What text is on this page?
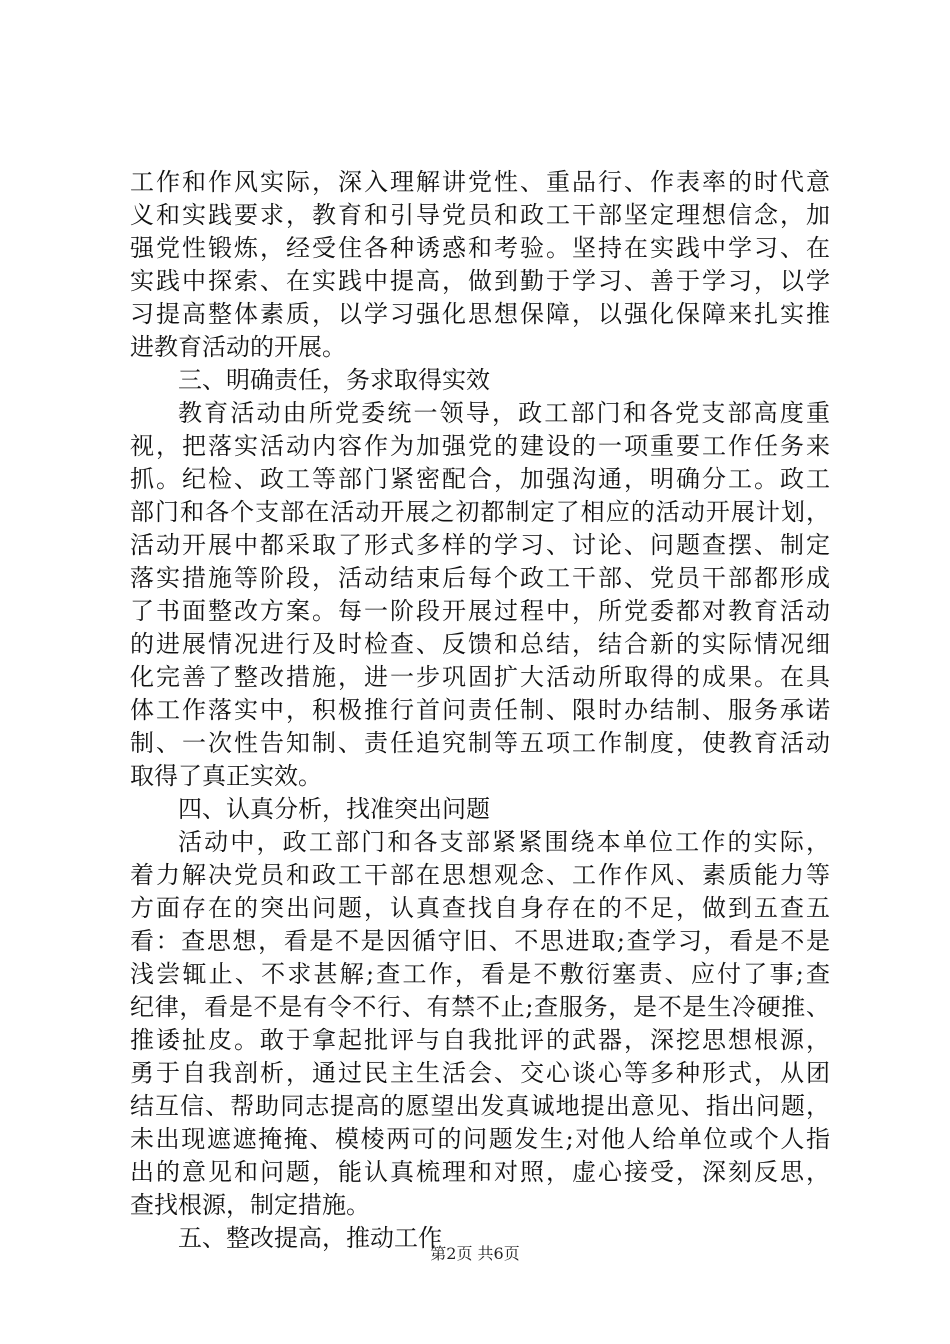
工作和作风实际，深入理解讲党性、重品行、作表率的时代意
义和实践要求，教育和引导党员和政工干部坚定理想信念，加
强党性锻炼，经受住各种诱惑和考验。坚持在实践中学习、在
实践中探索、在实践中提高，做到勤于学习、善于学习，以学
习提高整体素质，以学习强化思想保障，以强化保障来扎实推
进教育活动的开展。
三、明确责任，务求取得实效
教育活动由所党委统一领导，政工部门和各党支部高度重
视，把落实活动内容作为加强党的建设的一项重要工作任务来
抓。纪检、政工等部门紧密配合，加强沟通，明确分工。政工
部门和各个支部在活动开展之初都制定了相应的活动开展计划，
活动开展中都采取了形式多样的学习、讨论、问题查摆、制定
落实措施等阶段，活动结束后每个政工干部、党员干部都形成
了书面整改方案。每一阶段开展过程中，所党委都对教育活动
的进展情况进行及时检查、反馈和总结，结合新的实际情况细
化完善了整改措施，进一步巩固扩大活动所取得的成果。在具
体工作落实中，积极推行首问责任制、限时办结制、服务承诺
制、一次性告知制、责任追究制等五项工作制度，使教育活动
取得了真正实效。
四、认真分析，找准突出问题
活动中，政工部门和各支部紧紧围绕本单位工作的实际，
着力解决党员和政工干部在思想观念、工作作风、素质能力等
方面存在的突出问题，认真查找自身存在的不足，做到五查五
看：查思想，看是不是因循守旧、不思进取;查学习，看是不是
浅尝辄止、不求甚解;查工作，看是不敷衍塞责、应付了事;查
纪律，看是不是有令不行、有禁不止;查服务，是不是生冷硬推、
推诿扯皮。敢于拿起批评与自我批评的武器，深挖思想根源，
勇于自我剖析，通过民主生活会、交心谈心等多种形式，从团
结互信、帮助同志提高的愿望出发真诚地提出意见、指出问题，
未出现遮遮掩掩、模棱两可的问题发生;对他人给单位或个人指
出的意见和问题，能认真梳理和对照，虚心接受，深刻反思，
查找根源，制定措施。
五、整改提高，推动工作
第2页 共6页
